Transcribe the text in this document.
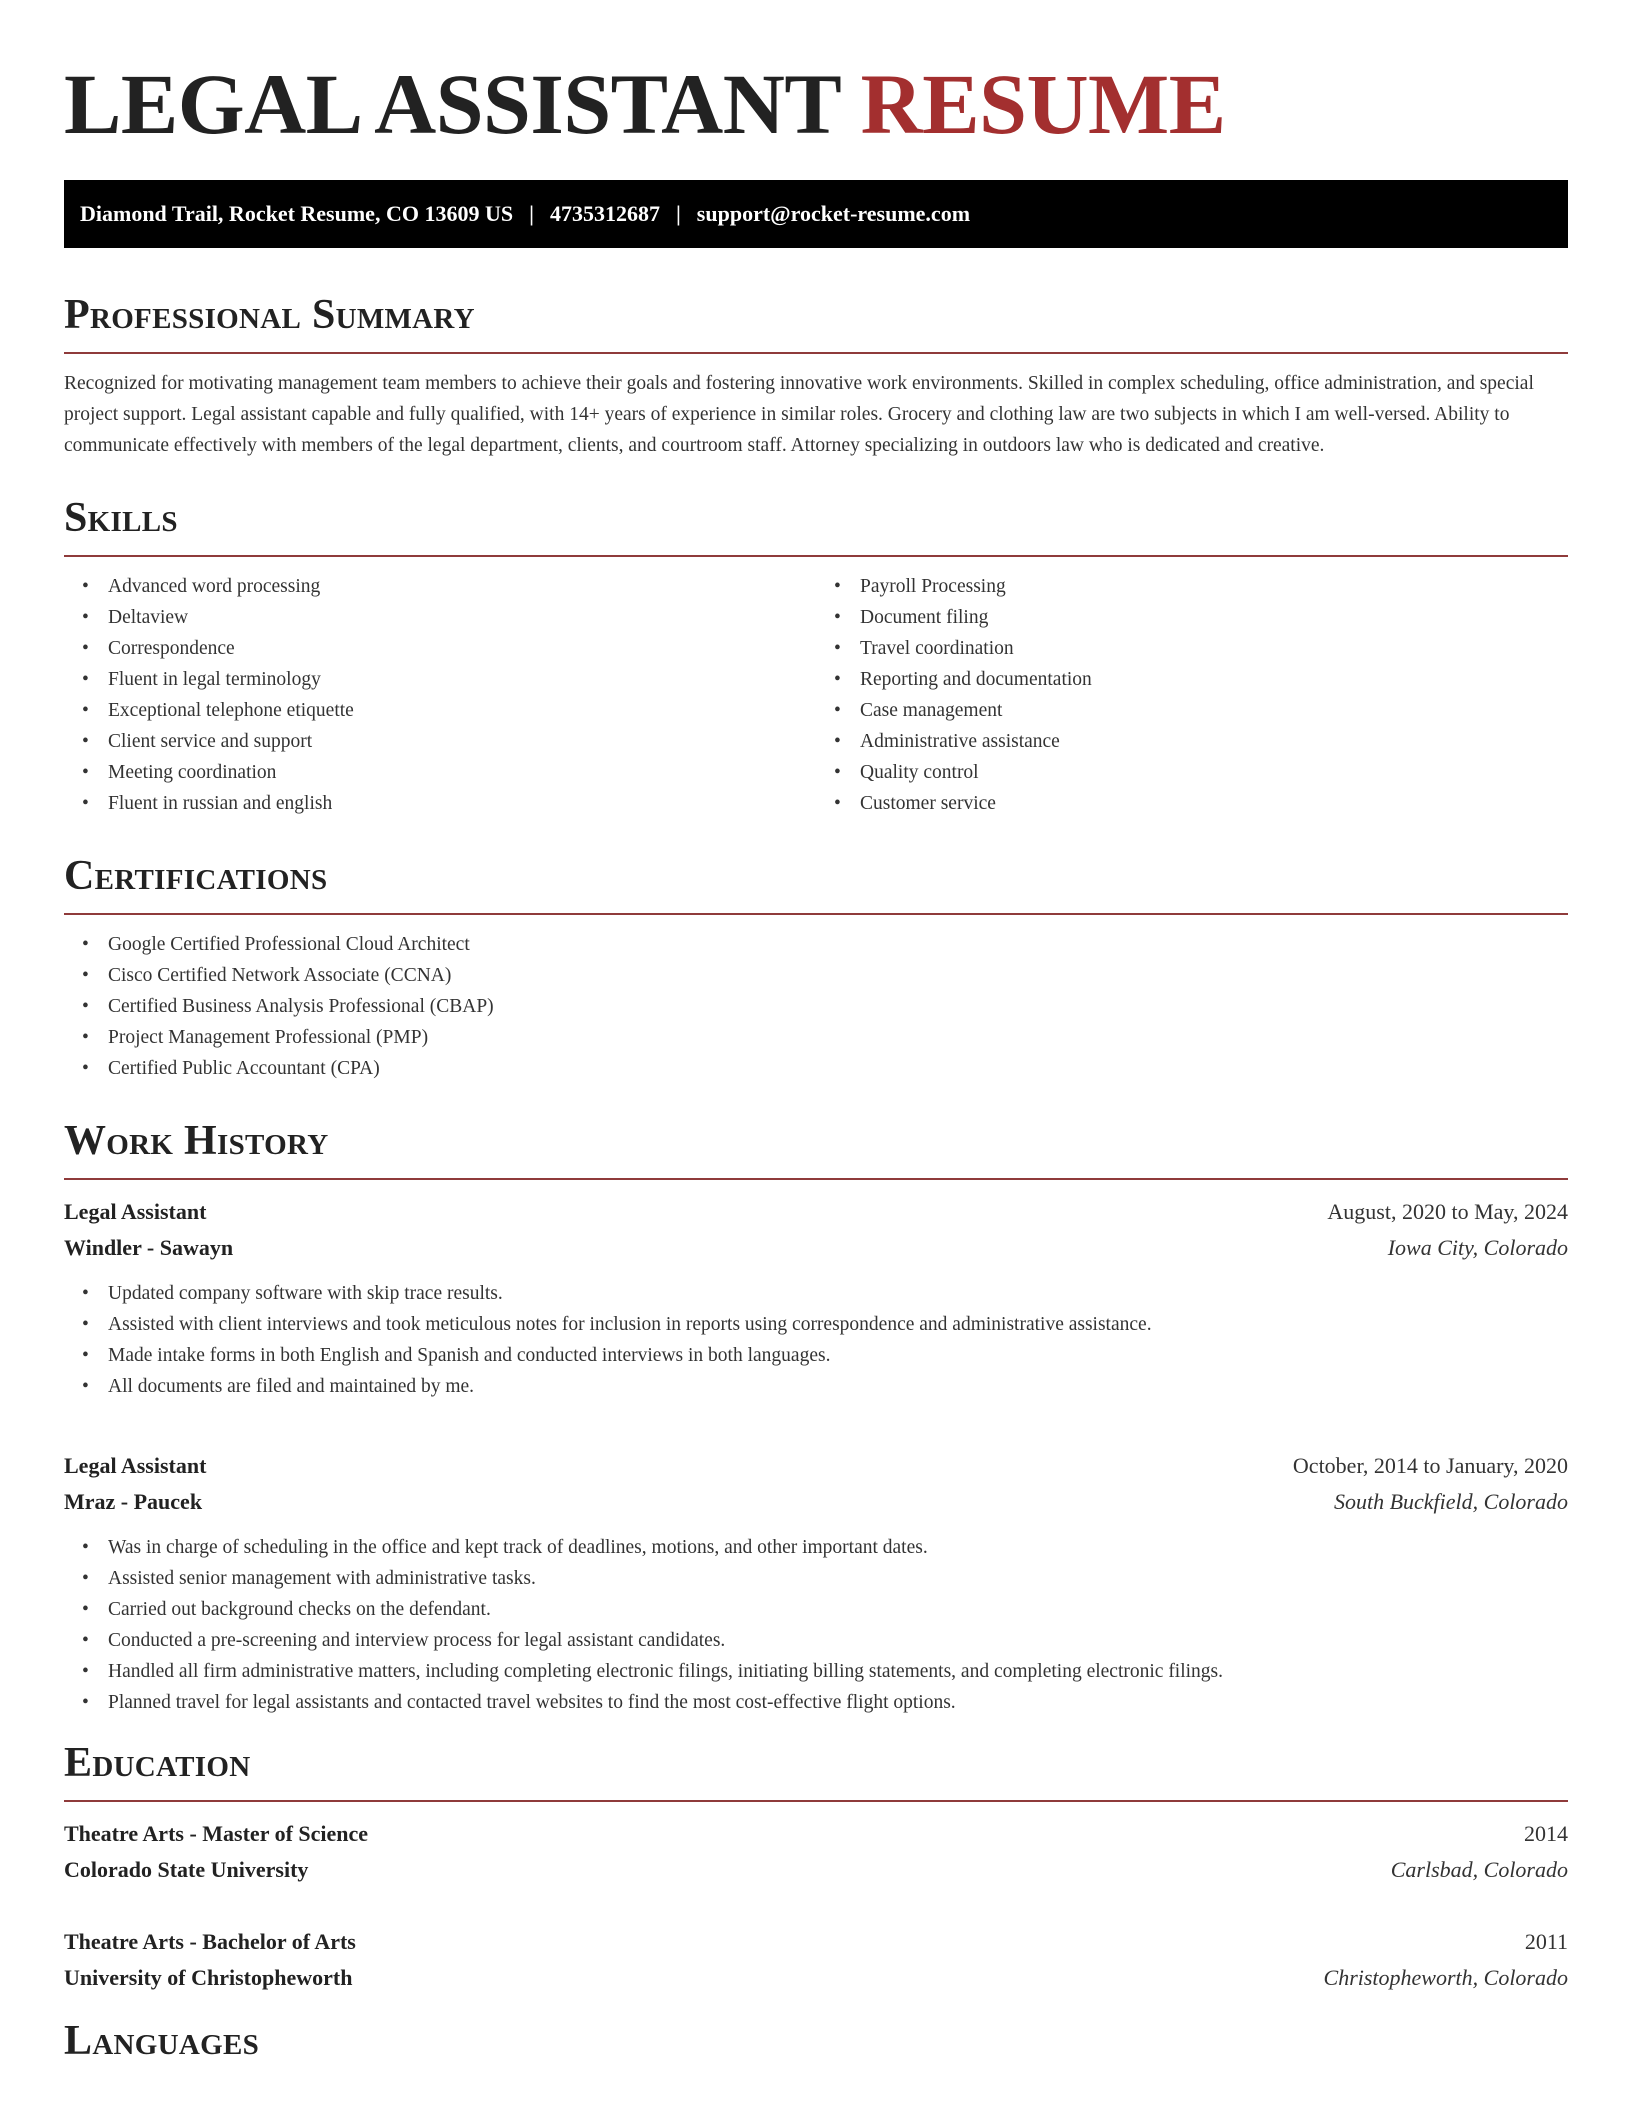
LEGAL ASSISTANT RESUME
Diamond Trail, Rocket Resume, CO 13609 US | 4735312687 | support@rocket-resume.com
Professional Summary

Recognized for motivating management team members to achieve their goals and fostering innovative work environments. Skilled in complex scheduling, office administration, and special project support. Legal assistant capable and fully qualified, with 14+ years of experience in similar roles. Grocery and clothing law are two subjects in which I am well-versed. Ability to communicate effectively with members of the legal department, clients, and courtroom staff. Attorney specializing in outdoors law who is dedicated and creative.

Skills
• Advanced word processing
• Deltaview
• Correspondence
• Fluent in legal terminology
• Exceptional telephone etiquette
• Client service and support
• Meeting coordination
• Fluent in russian and english
• Payroll Processing
• Document filing
• Travel coordination
• Reporting and documentation
• Case management
• Administrative assistance
• Quality control
• Customer service
Certifications
• Google Certified Professional Cloud Architect
• Cisco Certified Network Associate (CCNA)
• Certified Business Analysis Professional (CBAP)
• Project Management Professional (PMP)
• Certified Public Accountant (CPA)
Work History
Legal Assistant	August, 2020 to May, 2024
Windler - Sawayn	Iowa City, Colorado
• Updated company software with skip trace results.
• Assisted with client interviews and took meticulous notes for inclusion in reports using correspondence and administrative assistance.
• Made intake forms in both English and Spanish and conducted interviews in both languages.
• All documents are filed and maintained by me.
Legal Assistant	October, 2014 to January, 2020
Mraz - Paucek	South Buckfield, Colorado
• Was in charge of scheduling in the office and kept track of deadlines, motions, and other important dates.
• Assisted senior management with administrative tasks.
• Carried out background checks on the defendant.
• Conducted a pre-screening and interview process for legal assistant candidates.
• Handled all firm administrative matters, including completing electronic filings, initiating billing statements, and completing electronic filings.
• Planned travel for legal assistants and contacted travel websites to find the most cost-effective flight options.
Education
Theatre Arts - Master of Science	2014
Colorado State University	Carlsbad, Colorado
Theatre Arts - Bachelor of Arts	2011
University of Christopheworth	Christopheworth, Colorado
Languages
